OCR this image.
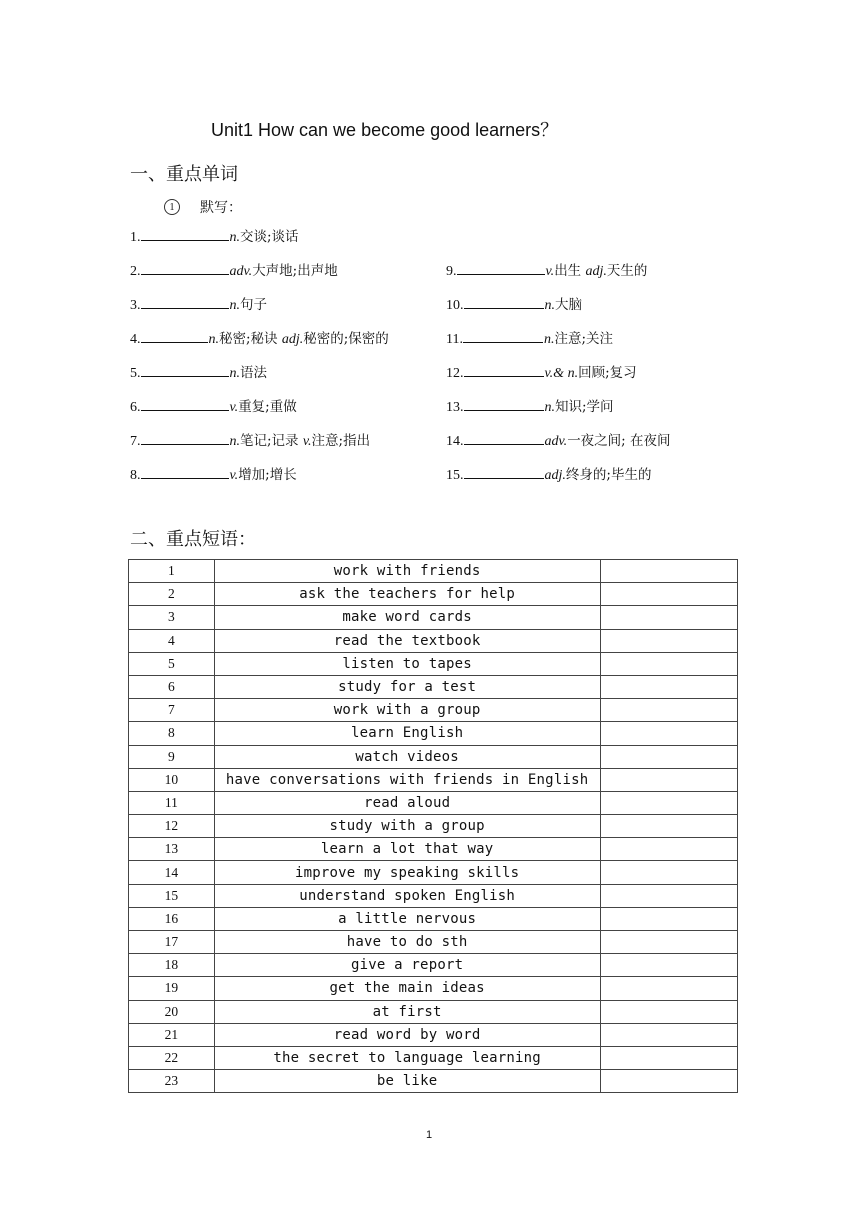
Unit1 How can we become good learners？
一、重点单词
1	默写：
1.	n.交谈;谈话
2.	adv.大声地;出声地
3.	n.句子
4.	n.秘密;秘诀 adj.秘密的;保密的
5.	n.语法
6.	v.重复;重做
7.	n.笔记;记录 v.注意;指出
8.	v.增加;增长
9.	v.出生 adj.天生的
10.	n.大脑
11.	n.注意;关注
12.	v.& n.回顾;复习
13.	n.知识;学问
14.	adv.一夜之间; 在夜间
15.	adj.终身的;毕生的
二、重点短语：
1	work with friends	
2	ask the teachers for help	
3	make word cards	
4	read the textbook	
5	listen to tapes	
6	study for a test	
7	work with a group	
8	learn English	
9	watch videos	
10	have conversations with friends in English	
11	read aloud	
12	study with a group	
13	learn a lot that way	
14	improve my speaking skills	
15	understand spoken English	
16	a little nervous	
17	have to do sth	
18	give a report	
19	get the main ideas	
20	at first	
21	read word by word	
22	the secret to language learning	
23	be like	
1
